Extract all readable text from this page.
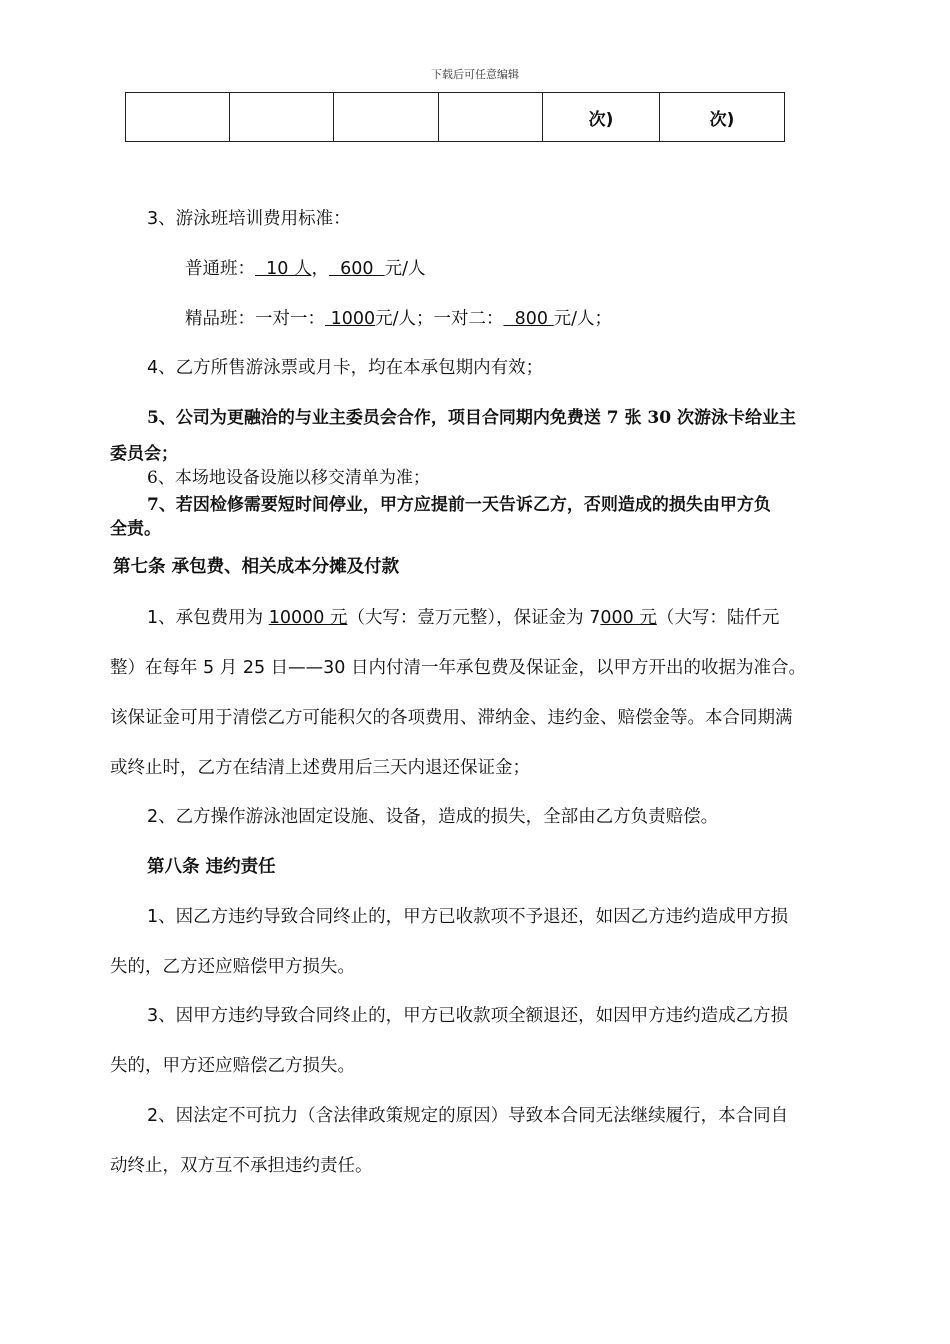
下载后可任意编辑
				次)	次)
3、游泳班培训费用标准：
普通班：  10 人，  600  元/人
精品班：一对一： 1000元/人；一对二：  800 元/人；
4、乙方所售游泳票或月卡，均在本承包期内有效；
5、公司为更融洽的与业主委员会合作，项目合同期内免费送 7 张 30 次游泳卡给业主
委员会；
6、本场地设备设施以移交清单为准；
7、若因检修需要短时间停业，甲方应提前一天告诉乙方，否则造成的损失由甲方负
全责。
第七条 承包费、相关成本分摊及付款
1、承包费用为 10000 元（大写：壹万元整），保证金为 7000 元（大写：陆仟元
整）在每年 5 月 25 日——30 日内付清一年承包费及保证金，以甲方开出的收据为准合。
该保证金可用于清偿乙方可能积欠的各项费用、滞纳金、违约金、赔偿金等。本合同期满
或终止时，乙方在结清上述费用后三天内退还保证金；
2、乙方操作游泳池固定设施、设备，造成的损失，全部由乙方负责赔偿。
第八条 违约责任
1、因乙方违约导致合同终止的，甲方已收款项不予退还，如因乙方违约造成甲方损
失的，乙方还应赔偿甲方损失。
3、因甲方违约导致合同终止的，甲方已收款项全额退还，如因甲方违约造成乙方损
失的，甲方还应赔偿乙方损失。
2、因法定不可抗力（含法律政策规定的原因）导致本合同无法继续履行，本合同自
动终止，双方互不承担违约责任。
